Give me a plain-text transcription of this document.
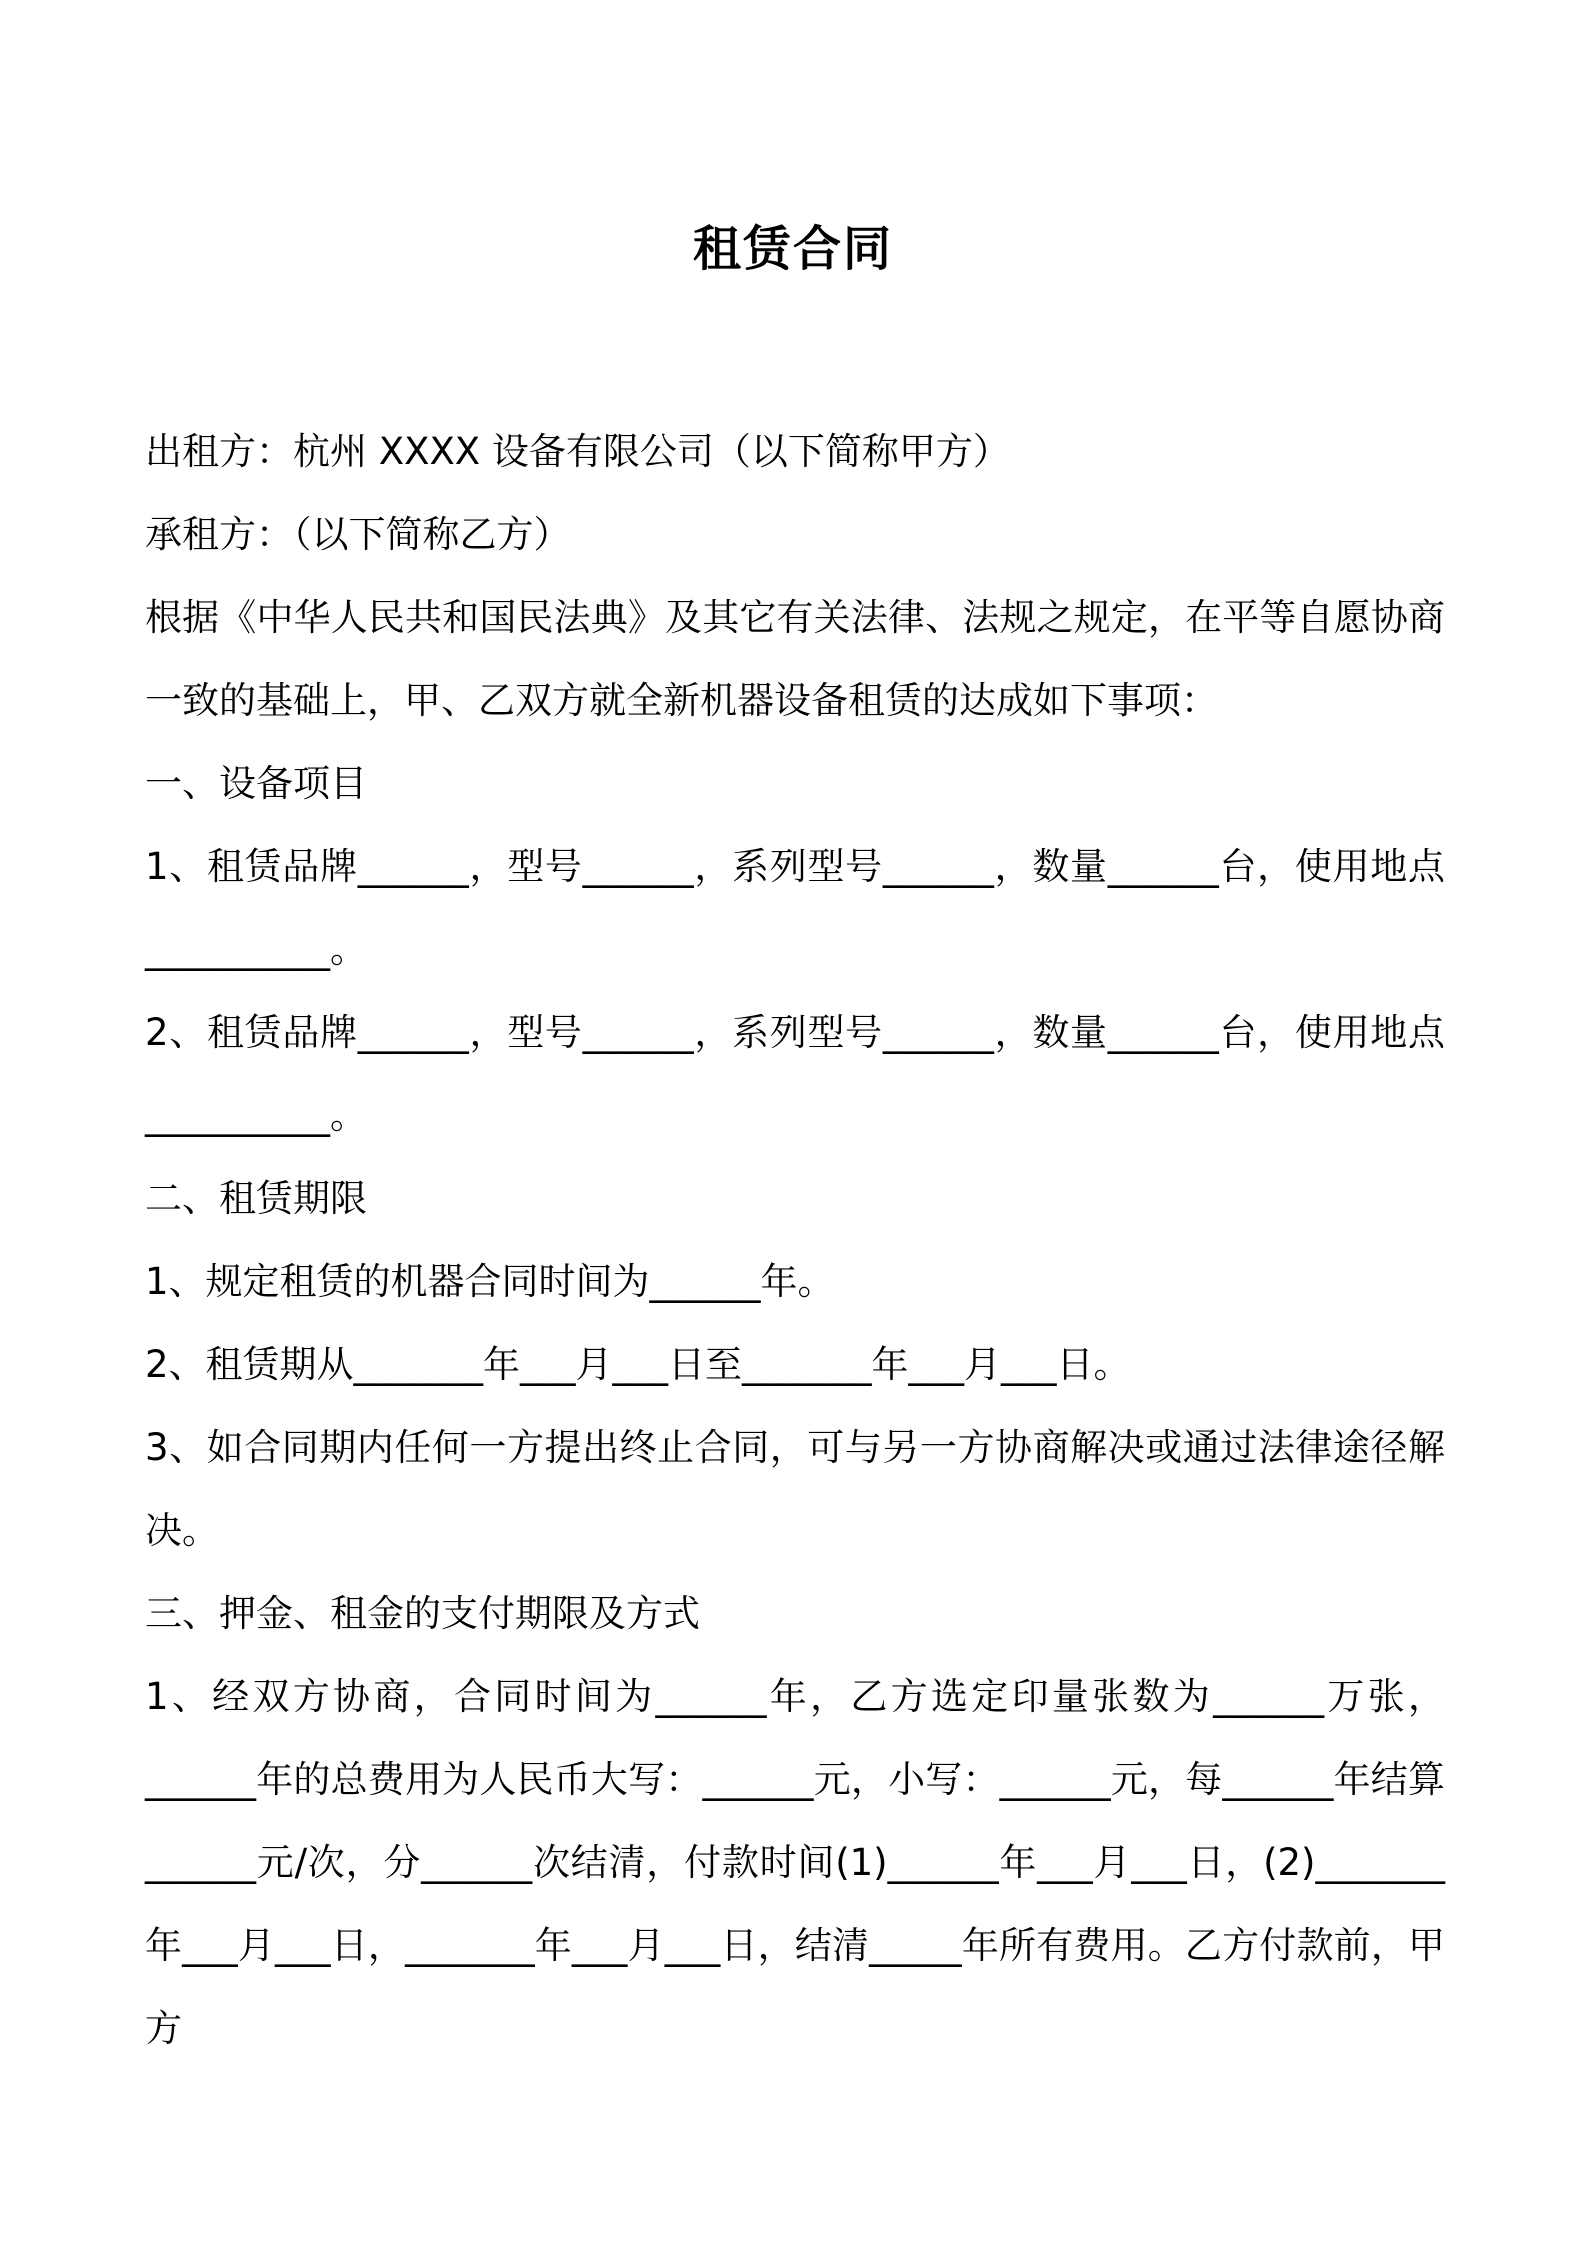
租赁合同

出租方：杭州 XXXX 设备有限公司（以下简称甲方）

承租方：（以下简称乙方）

根据《中华人民共和国民法典》及其它有关法律、法规之规定，在平等自愿协商一致的基础上，甲、乙双方就全新机器设备租赁的达成如下事项：

一、设备项目

1、租赁品牌______，型号______，系列型号______，数量______台，使用地点__________。

2、租赁品牌______，型号______，系列型号______，数量______台，使用地点__________。

二、租赁期限

1、规定租赁的机器合同时间为______年。

2、租赁期从_______年___月___日至_______年___月___日。

3、如合同期内任何一方提出终止合同，可与另一方协商解决或通过法律途径解决。

三、押金、租金的支付期限及方式

1、经双方协商，合同时间为______年，乙方选定印量张数为______万张，______年的总费用为人民币大写：______元，小写：______元，每______年结算______元/次，分______次结清，付款时间(1)______年___月___日，(2)_______年___月___日，_______年___月___日，结清_____年所有费用。乙方付款前，甲方
